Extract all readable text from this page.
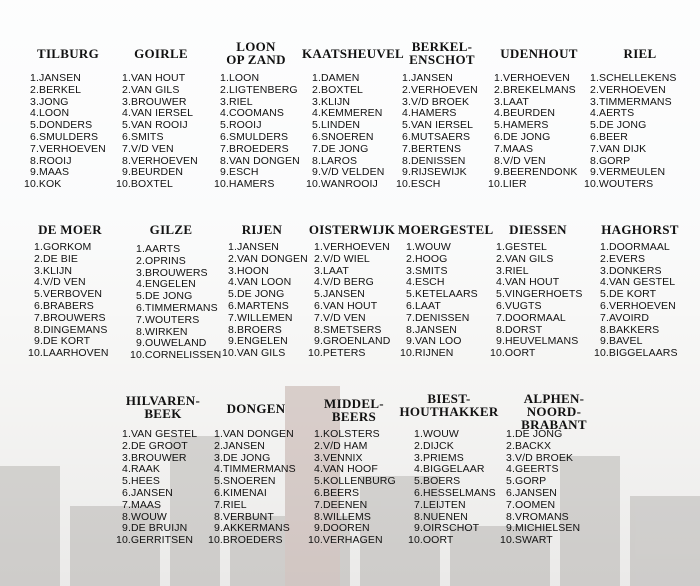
TILBURG
1.JANSEN
2.BERKEL
3.JONG
4.LOON
5.DONDERS
6.SMULDERS
7.VERHOEVEN
8.ROOIJ
9.MAAS
10.KOK
GOIRLE
1.VAN HOUT
2.VAN GILS
3.BROUWER
4.VAN IERSEL
5.VAN ROOIJ
6.SMITS
7.V/D VEN
8.VERHOEVEN
9.BEURDEN
10.BOXTEL
LOON
OP ZAND
1.LOON
2.LIGTENBERG
3.RIEL
4.COOMANS
5.ROOIJ
6.SMULDERS
7.BROEDERS
8.VAN DONGEN
9.ESCH
10.HAMERS
KAATSHEUVEL
1.DAMEN
2.BOXTEL
3.KLIJN
4.KEMMEREN
5.LINDEN
6.SNOEREN
7.DE JONG
8.LAROS
9.V/D VELDEN
10.WANROOIJ
BERKEL-
ENSCHOT
1.JANSEN
2.VERHOEVEN
3.V/D BROEK
4.HAMERS
5.VAN IERSEL
6.MUTSAERS
7.BERTENS
8.DENISSEN
9.RIJSEWIJK
10.ESCH
UDENHOUT
1.VERHOEVEN
2.BREKELMANS
3.LAAT
4.BEURDEN
5.HAMERS
6.DE JONG
7.MAAS
8.V/D VEN
9.BEERENDONK
10.LIER
RIEL
1.SCHELLEKENS
2.VERHOEVEN
3.TIMMERMANS
4.AERTS
5.DE JONG
6.BEER
7.VAN DIJK
8.GORP
9.VERMEULEN
10.WOUTERS
DE MOER
1.GORKOM
2.DE BIE
3.KLIJN
4.V/D VEN
5.VERBOVEN
6.BRABERS
7.BROUWERS
8.DINGEMANS
9.DE KORT
10.LAARHOVEN
GILZE
1.AARTS
2.OPRINS
3.BROUWERS
4.ENGELEN
5.DE JONG
6.TIMMERMANS
7.WOUTERS
8.WIRKEN
9.OUWELAND
10.CORNELISSEN
RIJEN
1.JANSEN
2.VAN DONGEN
3.HOON
4.VAN LOON
5.DE JONG
6.MARTENS
7.WILLEMEN
8.BROERS
9.ENGELEN
10.VAN GILS
OISTERWIJK
1.VERHOEVEN
2.V/D WIEL
3.LAAT
4.V/D BERG
5.JANSEN
6.VAN HOUT
7.V/D VEN
8.SMETSERS
9.GROENLAND
10.PETERS
MOERGESTEL
1.WOUW
2.HOOG
3.SMITS
4.ESCH
5.KETELAARS
6.LAAT
7.DENISSEN
8.JANSEN
9.VAN LOO
10.RIJNEN
DIESSEN
1.GESTEL
2.VAN GILS
3.RIEL
4.VAN HOUT
5.VINGERHOETS
6.VUGTS
7.DOORMAAL
8.DORST
9.HEUVELMANS
10.OORT
HAGHORST
1.DOORMAAL
2.EVERS
3.DONKERS
4.VAN GESTEL
5.DE KORT
6.VERHOEVEN
7.AVOIRD
8.BAKKERS
9.BAVEL
10.BIGGELAARS
HILVAREN-
BEEK
1.VAN GESTEL
2.DE GROOT
3.BROUWER
4.RAAK
5.HEES
6.JANSEN
7.MAAS
8.WOUW
9.DE BRUIJN
10.GERRITSEN
DONGEN
1.VAN DONGEN
2.JANSEN
3.DE JONG
4.TIMMERMANS
5.SNOEREN
6.KIMENAI
7.RIEL
8.VERBUNT
9.AKKERMANS
10.BROEDERS
MIDDEL-
BEERS
1.KOLSTERS
2.V/D HAM
3.VENNIX
4.VAN HOOF
5.KOLLENBURG
6.BEERS
7.DEENEN
8.WILLEMS
9.DOOREN
10.VERHAGEN
BIEST-
HOUTHAKKER
1.WOUW
2.DIJCK
3.PRIEMS
4.BIGGELAAR
5.BOERS
6.HESSELMANS
7.LEIJTEN
8.NUENEN
9.OIRSCHOT
10.OORT
ALPHEN-
NOORD-BRABANT
1.DE JONG
2.BACKX
3.V/D BROEK
4.GEERTS
5.GORP
6.JANSEN
7.OOMEN
8.VROMANS
9.MICHIELSEN
10.SWART
